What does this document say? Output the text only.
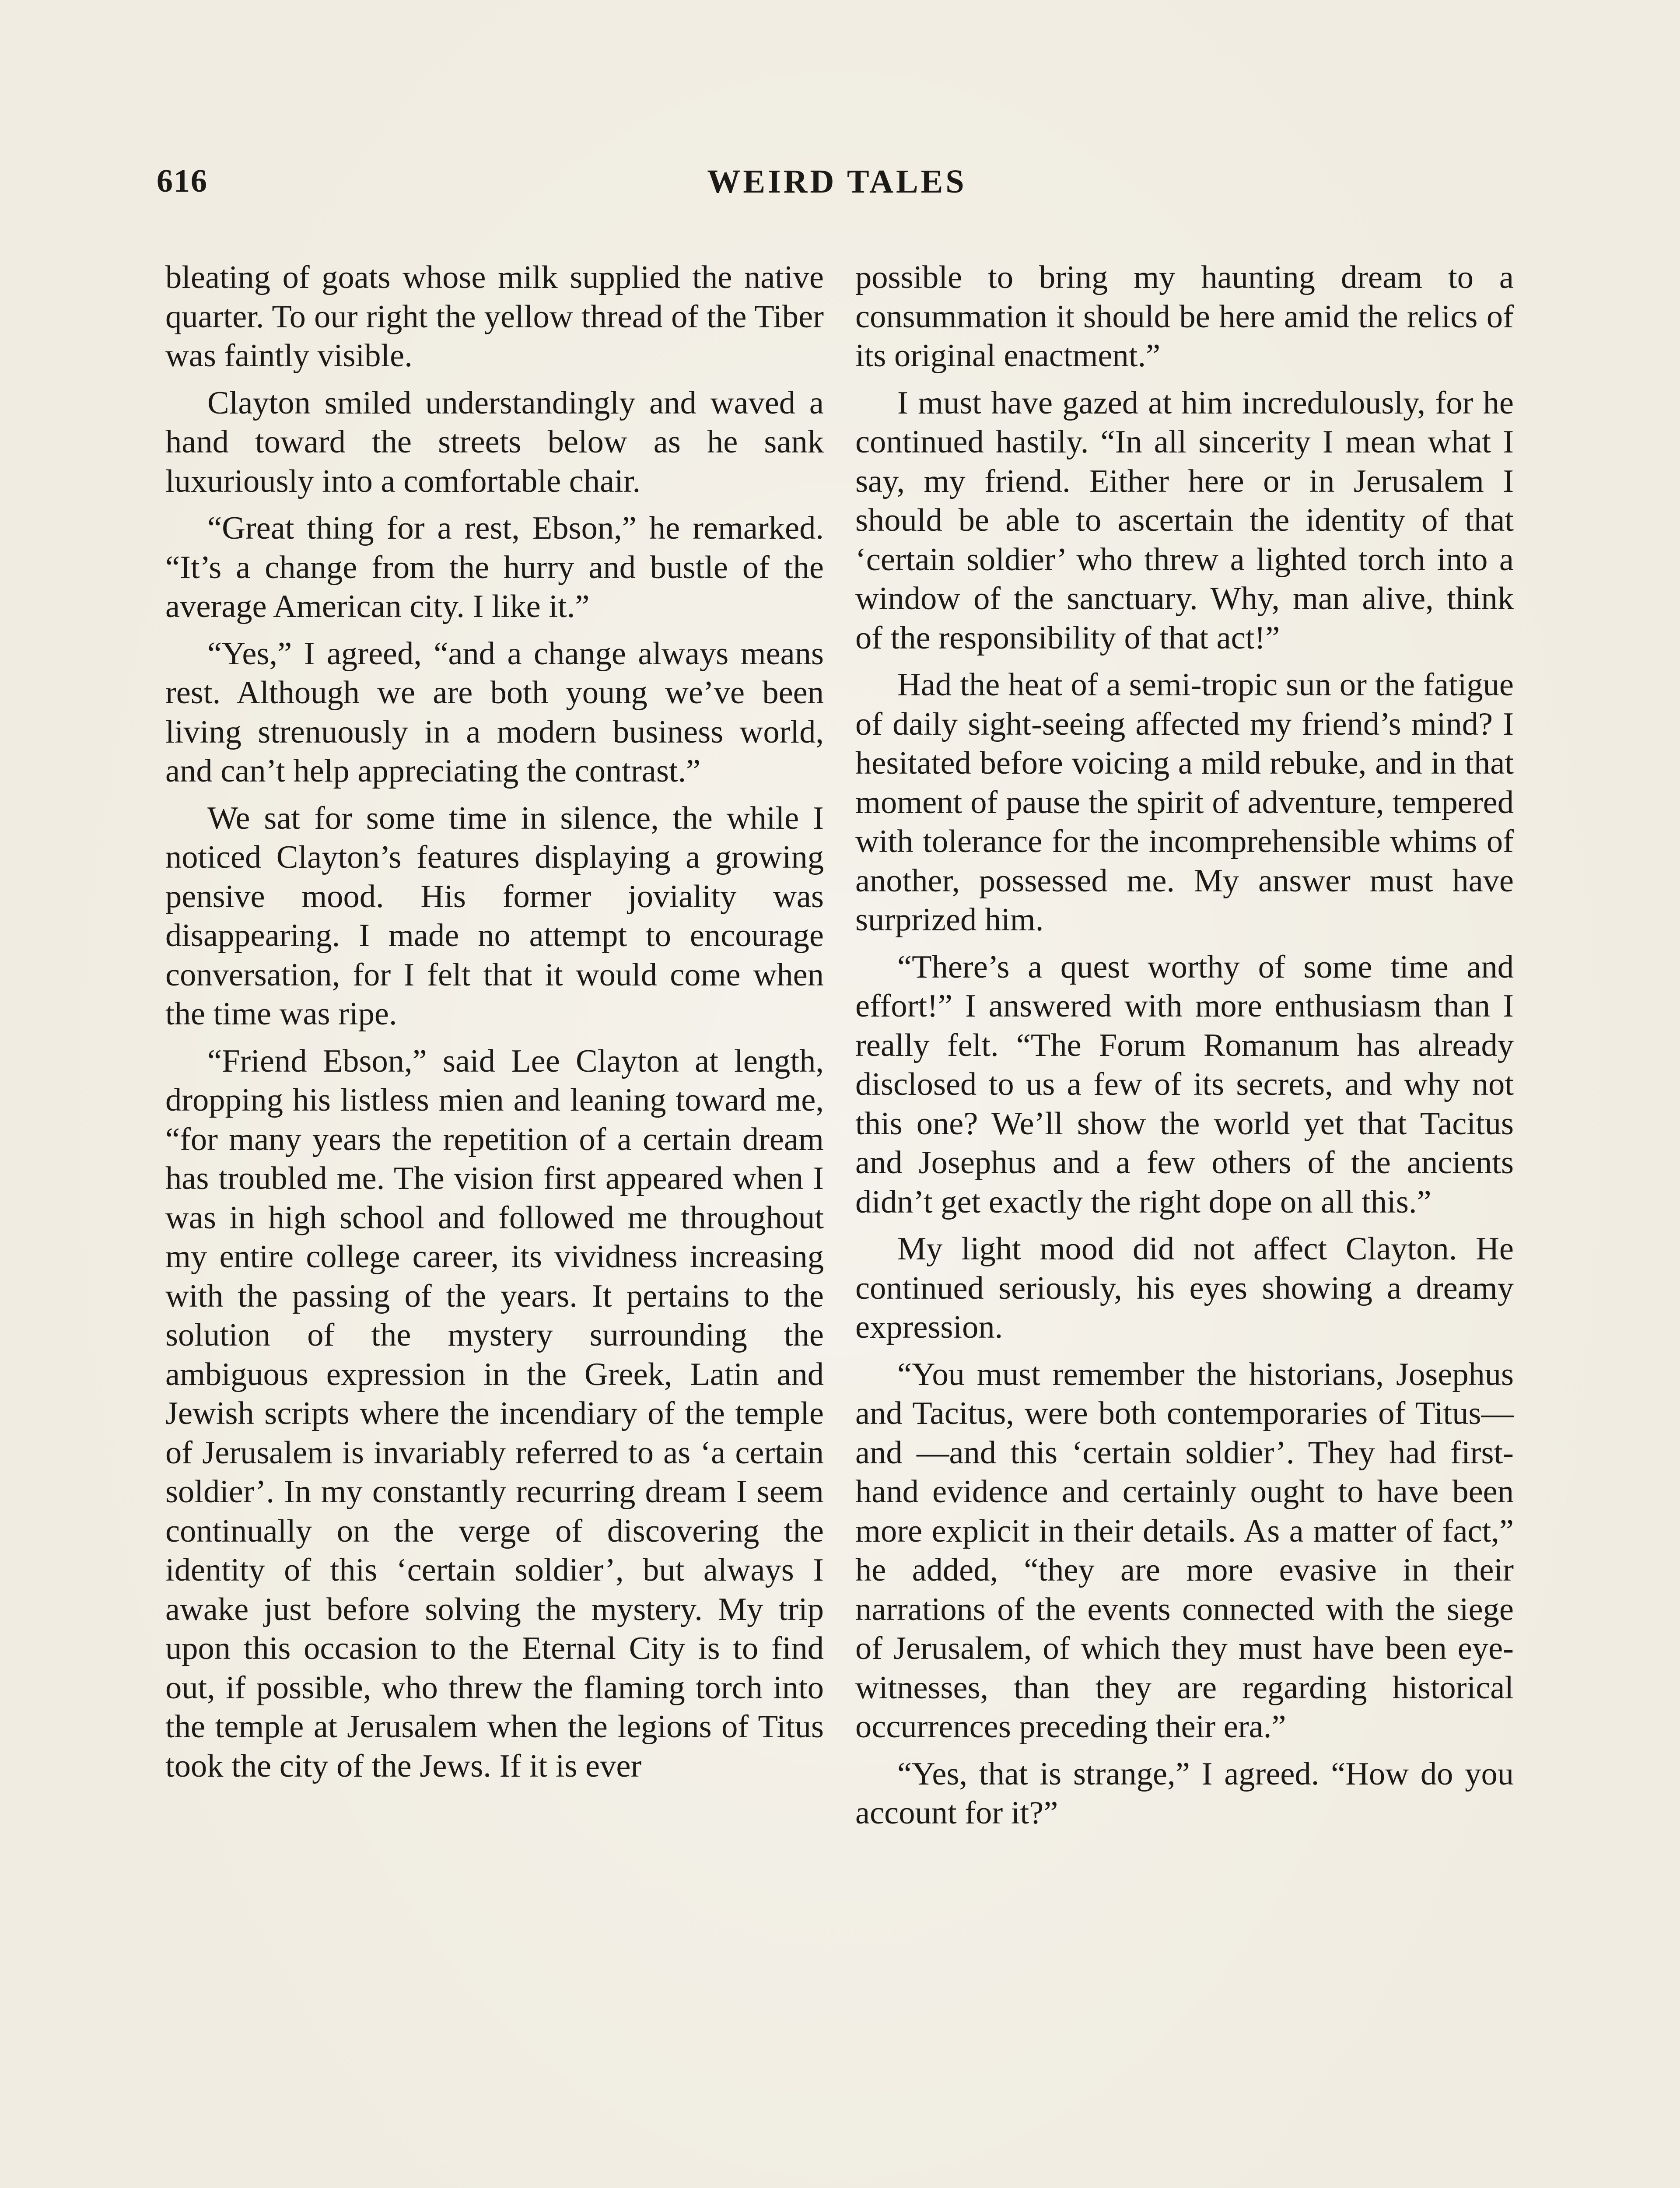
616	WEIRD TALES

bleating of goats whose milk supplied the native quarter. To our right the yellow thread of the Tiber was faintly visible.

Clayton smiled understandingly and waved a hand toward the streets below as he sank luxuriously into a comfortable chair.

“Great thing for a rest, Ebson,” he remarked. “It’s a change from the hurry and bustle of the average American city. I like it.”

“Yes,” I agreed, “and a change always means rest. Although we are both young we’ve been living strenuously in a modern business world, and can’t help appreciating the contrast.”

We sat for some time in silence, the while I noticed Clayton’s features displaying a growing pensive mood. His former joviality was disappearing. I made no attempt to encourage conversation, for I felt that it would come when the time was ripe.

“Friend Ebson,” said Lee Clayton at length, dropping his listless mien and leaning toward me, “for many years the repetition of a certain dream has troubled me. The vision first appeared when I was in high school and followed me throughout my entire college career, its vividness increasing with the passing of the years. It pertains to the solution of the mystery surrounding the ambiguous expression in the Greek, Latin and Jewish scripts where the incendiary of the temple of Jerusalem is invariably referred to as ‘a certain soldier’. In my constantly recurring dream I seem continually on the verge of discovering the identity of this ‘certain soldier’, but always I awake just before solving the mystery. My trip upon this occasion to the Eternal City is to find out, if possible, who threw the flaming torch into the temple at Jerusalem when the legions of Titus took the city of the Jews. If it is ever

possible to bring my haunting dream to a consummation it should be here amid the relics of its original enactment.”

I must have gazed at him incredulously, for he continued hastily. “In all sincerity I mean what I say, my friend. Either here or in Jerusalem I should be able to ascertain the identity of that ‘certain soldier’ who threw a lighted torch into a window of the sanctuary. Why, man alive, think of the responsibility of that act!”

Had the heat of a semi-tropic sun or the fatigue of daily sight-seeing affected my friend’s mind? I hesitated before voicing a mild rebuke, and in that moment of pause the spirit of adventure, tempered with tolerance for the incomprehensible whims of another, possessed me. My answer must have surprized him.

“There’s a quest worthy of some time and effort!” I answered with more enthusiasm than I really felt. “The Forum Romanum has already disclosed to us a few of its secrets, and why not this one? We’ll show the world yet that Tacitus and Josephus and a few others of the ancients didn’t get exactly the right dope on all this.”

My light mood did not affect Clayton. He continued seriously, his eyes showing a dreamy expression.

“You must remember the historians, Josephus and Tacitus, were both contemporaries of Titus—and —and this ‘certain soldier’. They had first-hand evidence and certainly ought to have been more explicit in their details. As a matter of fact,” he added, “they are more evasive in their narrations of the events connected with the siege of Jerusalem, of which they must have been eye-witnesses, than they are regarding historical occurrences preceding their era.”

“Yes, that is strange,” I agreed. “How do you account for it?”
